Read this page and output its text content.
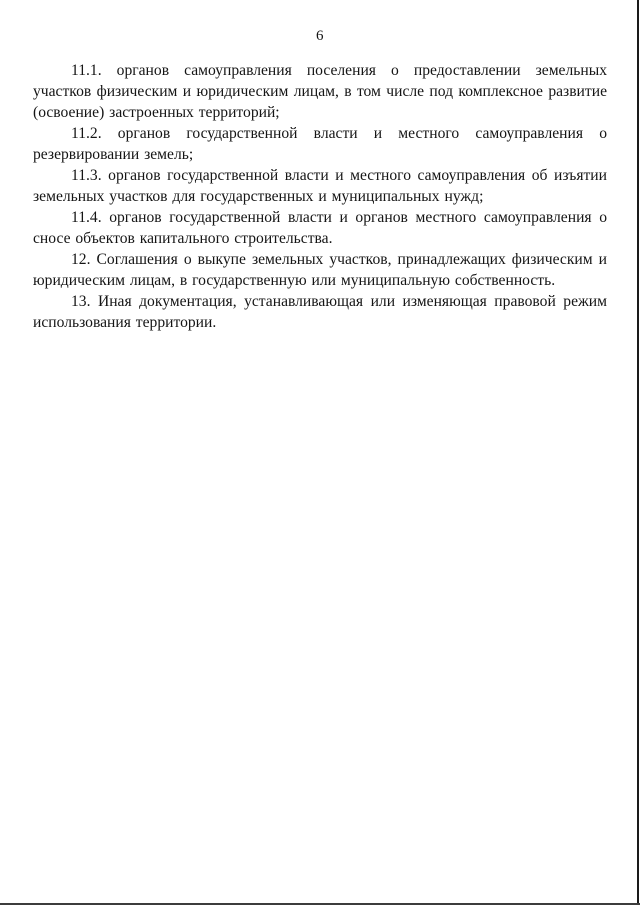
6

11.1. органов самоуправления поселения о предоставлении земельных участков физическим и юридическим лицам, в том числе под комплексное развитие (освоение) застроенных территорий;

11.2. органов государственной власти и местного самоуправления о резервировании земель;

11.3. органов государственной власти и местного самоуправления об изъятии земельных участков для государственных и муниципальных нужд;

11.4. органов государственной власти и органов местного самоуправления о сносе объектов капитального строительства.

12. Соглашения о выкупе земельных участков, принадлежащих физическим и юридическим лицам, в государственную или муниципальную собственность.

13. Иная документация, устанавливающая или изменяющая правовой режим использования территории.
